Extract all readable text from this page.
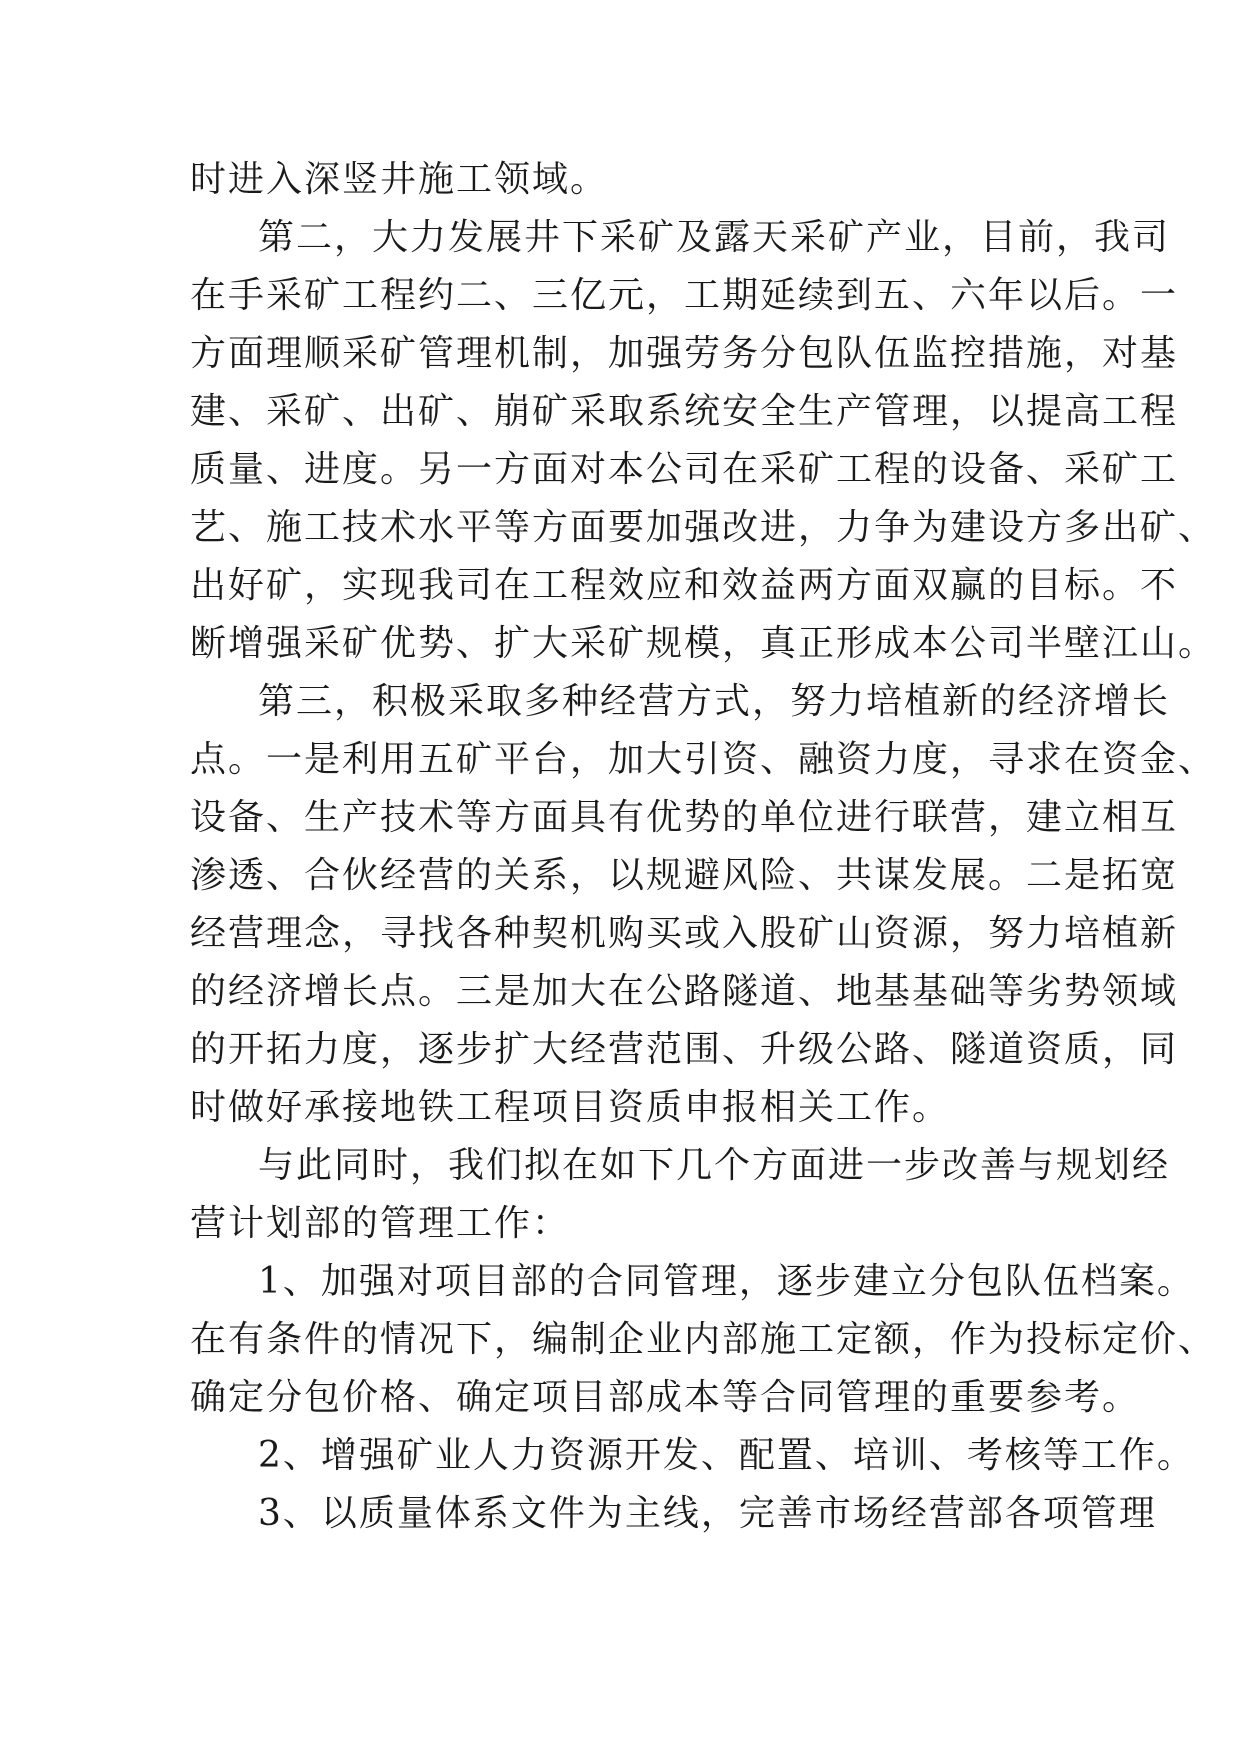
时进入深竖井施工领域。
第二，大力发展井下采矿及露天采矿产业，目前，我司
在手采矿工程约二、三亿元，工期延续到五、六年以后。一
方面理顺采矿管理机制，加强劳务分包队伍监控措施，对基
建、采矿、出矿、崩矿采取系统安全生产管理，以提高工程
质量、进度。另一方面对本公司在采矿工程的设备、采矿工
艺、施工技术水平等方面要加强改进，力争为建设方多出矿、
出好矿，实现我司在工程效应和效益两方面双赢的目标。不
断增强采矿优势、扩大采矿规模，真正形成本公司半壁江山。
第三，积极采取多种经营方式，努力培植新的经济增长
点。一是利用五矿平台，加大引资、融资力度，寻求在资金、
设备、生产技术等方面具有优势的单位进行联营，建立相互
渗透、合伙经营的关系，以规避风险、共谋发展。二是拓宽
经营理念，寻找各种契机购买或入股矿山资源，努力培植新
的经济增长点。三是加大在公路隧道、地基基础等劣势领域
的开拓力度，逐步扩大经营范围、升级公路、隧道资质，同
时做好承接地铁工程项目资质申报相关工作。
与此同时，我们拟在如下几个方面进一步改善与规划经
营计划部的管理工作：
1、加强对项目部的合同管理，逐步建立分包队伍档案。
在有条件的情况下，编制企业内部施工定额，作为投标定价、
确定分包价格、确定项目部成本等合同管理的重要参考。
2、增强矿业人力资源开发、配置、培训、考核等工作。
3、以质量体系文件为主线，完善市场经营部各项管理
